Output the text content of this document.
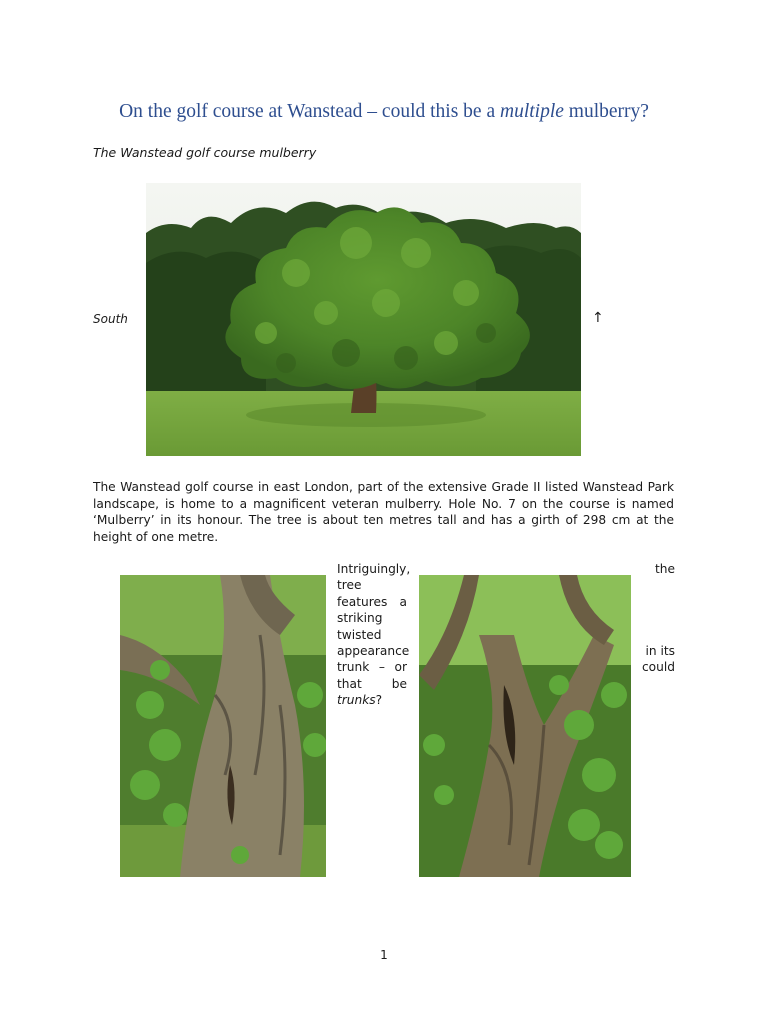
On the golf course at Wanstead – could this be a multiple mulberry?

The Wanstead golf course mulberry

South	↑

The Wanstead golf course in east London, part of the extensive Grade II listed Wanstead Park landscape, is home to a magnificent veteran mulberry. Hole No. 7 on the course is named ‘Mulberry’ in its honour. The tree is about ten metres tall and has a girth of 298 cm at the height of one metre.

Intriguingly,
tree
features a
striking
twisted
appearance
trunk – or
that be
trunks?
the
in its
could
1
